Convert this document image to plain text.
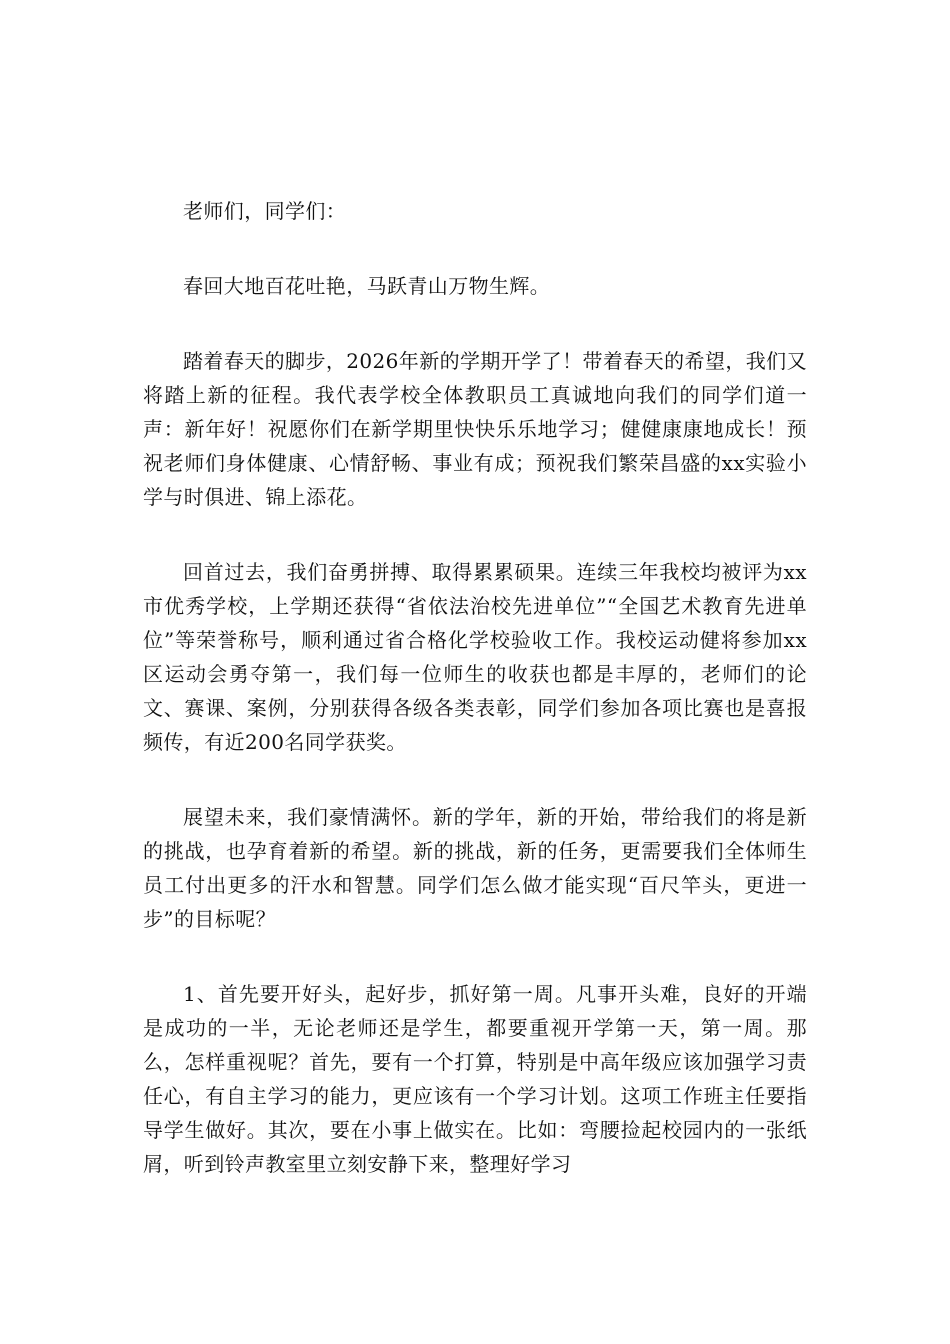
老师们，同学们：

春回大地百花吐艳，马跃青山万物生辉。

踏着春天的脚步，2026年新的学期开学了！带着春天的希望，我们又将踏上新的征程。我代表学校全体教职员工真诚地向我们的同学们道一声：新年好！祝愿你们在新学期里快快乐乐地学习；健健康康地成长！预祝老师们身体健康、心情舒畅、事业有成；预祝我们繁荣昌盛的xx实验小学与时俱进、锦上添花。

回首过去，我们奋勇拼搏、取得累累硕果。连续三年我校均被评为xx市优秀学校，上学期还获得“省依法治校先进单位”“全国艺术教育先进单位”等荣誉称号，顺利通过省合格化学校验收工作。我校运动健将参加xx区运动会勇夺第一，我们每一位师生的收获也都是丰厚的，老师们的论文、赛课、案例，分别获得各级各类表彰，同学们参加各项比赛也是喜报频传，有近200名同学获奖。

展望未来，我们豪情满怀。新的学年，新的开始，带给我们的将是新的挑战，也孕育着新的希望。新的挑战，新的任务，更需要我们全体师生员工付出更多的汗水和智慧。同学们怎么做才能实现“百尺竿头，更进一步”的目标呢？

1、首先要开好头，起好步，抓好第一周。凡事开头难，良好的开端是成功的一半，无论老师还是学生，都要重视开学第一天，第一周。那么，怎样重视呢？首先，要有一个打算，特别是中高年级应该加强学习责任心，有自主学习的能力，更应该有一个学习计划。这项工作班主任要指导学生做好。其次，要在小事上做实在。比如：弯腰捡起校园内的一张纸屑，听到铃声教室里立刻安静下来，整理好学习
